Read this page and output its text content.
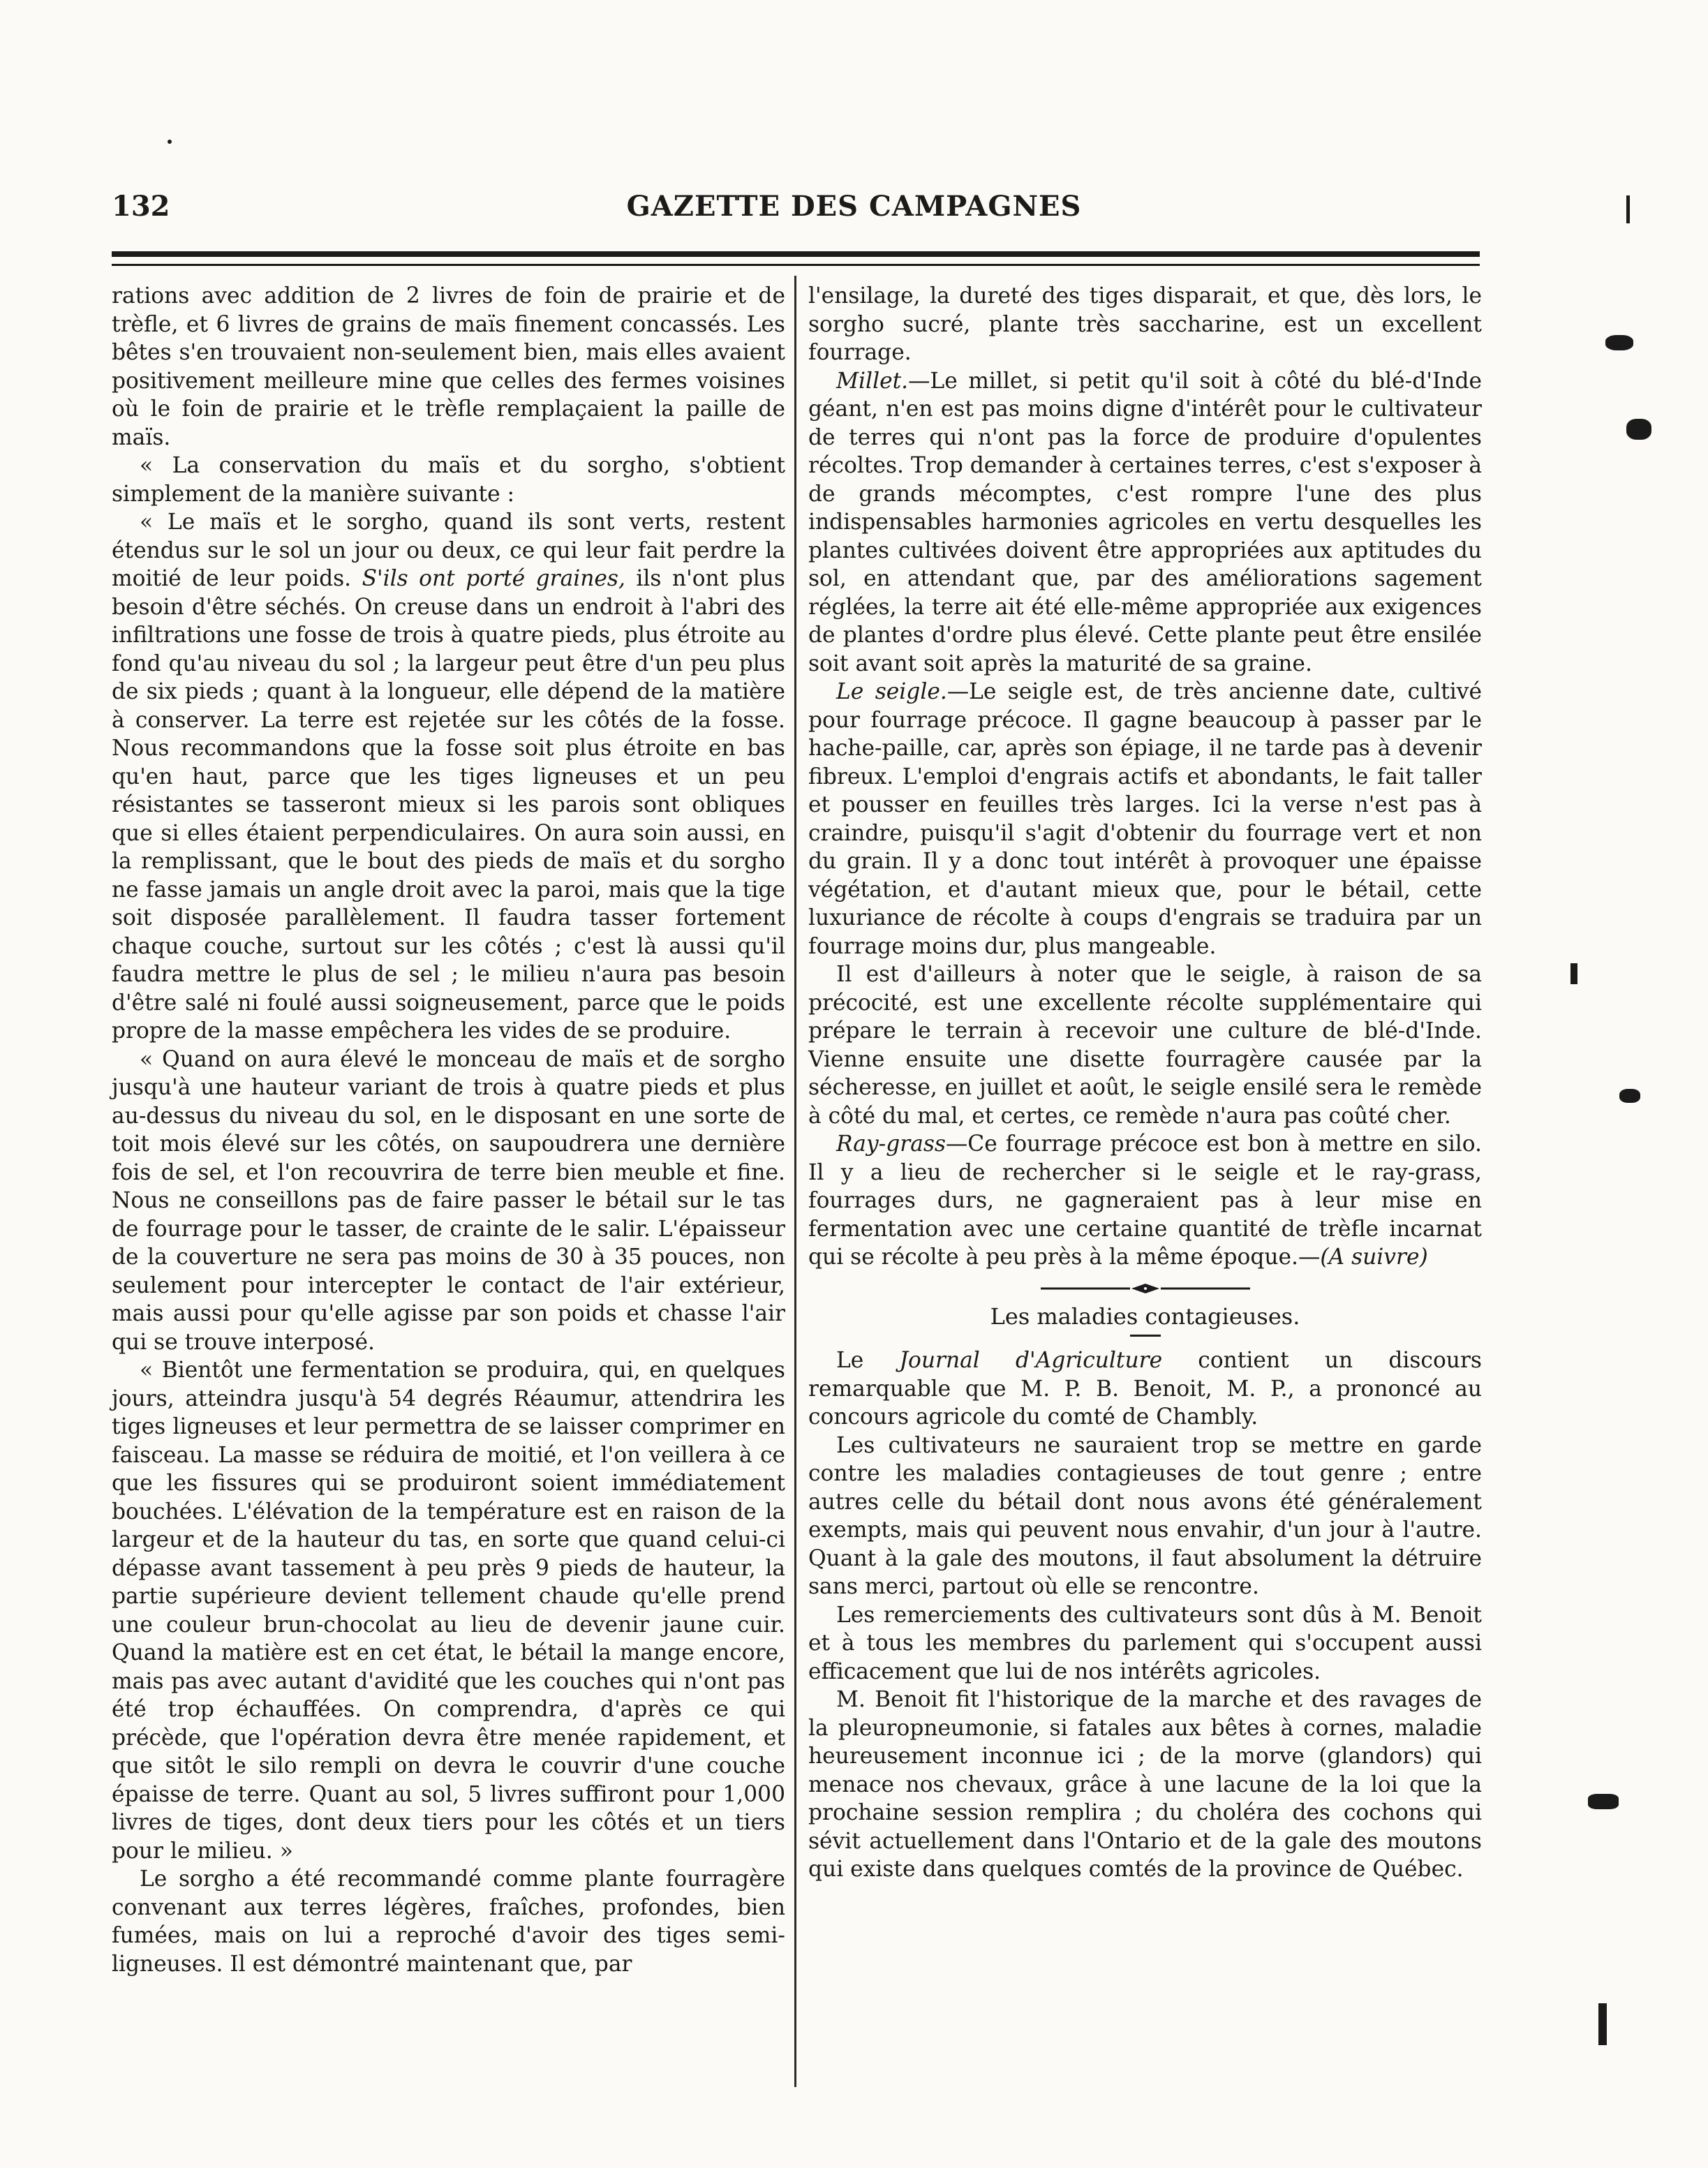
132	GAZETTE DES CAMPAGNES

rations avec addition de 2 livres de foin de prairie et de trèfle, et 6 livres de grains de maïs finement concassés. Les bêtes s'en trouvaient non-seulement bien, mais elles avaient positivement meilleure mine que celles des fermes voisines où le foin de prairie et le trèfle remplaçaient la paille de maïs.

« La conservation du maïs et du sorgho, s'obtient simplement de la manière suivante :

« Le maïs et le sorgho, quand ils sont verts, restent étendus sur le sol un jour ou deux, ce qui leur fait perdre la moitié de leur poids. S'ils ont porté graines, ils n'ont plus besoin d'être séchés. On creuse dans un endroit à l'abri des infiltrations une fosse de trois à quatre pieds, plus étroite au fond qu'au niveau du sol ; la largeur peut être d'un peu plus de six pieds ; quant à la longueur, elle dépend de la matière à conserver. La terre est rejetée sur les côtés de la fosse. Nous recommandons que la fosse soit plus étroite en bas qu'en haut, parce que les tiges ligneuses et un peu résistantes se tasseront mieux si les parois sont obliques que si elles étaient perpendiculaires. On aura soin aussi, en la remplissant, que le bout des pieds de maïs et du sorgho ne fasse jamais un angle droit avec la paroi, mais que la tige soit disposée parallèlement. Il faudra tasser fortement chaque couche, surtout sur les côtés ; c'est là aussi qu'il faudra mettre le plus de sel ; le milieu n'aura pas besoin d'être salé ni foulé aussi soigneusement, parce que le poids propre de la masse empêchera les vides de se produire.

« Quand on aura élevé le monceau de maïs et de sorgho jusqu'à une hauteur variant de trois à quatre pieds et plus au-dessus du niveau du sol, en le disposant en une sorte de toit mois élevé sur les côtés, on saupoudrera une dernière fois de sel, et l'on recouvrira de terre bien meuble et fine. Nous ne conseillons pas de faire passer le bétail sur le tas de fourrage pour le tasser, de crainte de le salir. L'épaisseur de la couverture ne sera pas moins de 30 à 35 pouces, non seulement pour intercepter le contact de l'air extérieur, mais aussi pour qu'elle agisse par son poids et chasse l'air qui se trouve interposé.

« Bientôt une fermentation se produira, qui, en quelques jours, atteindra jusqu'à 54 degrés Réaumur, attendrira les tiges ligneuses et leur permettra de se laisser comprimer en faisceau. La masse se réduira de moitié, et l'on veillera à ce que les fissures qui se produiront soient immédiatement bouchées. L'élévation de la température est en raison de la largeur et de la hauteur du tas, en sorte que quand celui-ci dépasse avant tassement à peu près 9 pieds de hauteur, la partie supérieure devient tellement chaude qu'elle prend une couleur brun-chocolat au lieu de devenir jaune cuir. Quand la matière est en cet état, le bétail la mange encore, mais pas avec autant d'avidité que les couches qui n'ont pas été trop échauffées. On comprendra, d'après ce qui précède, que l'opération devra être menée rapidement, et que sitôt le silo rempli on devra le couvrir d'une couche épaisse de terre. Quant au sol, 5 livres suffiront pour 1,000 livres de tiges, dont deux tiers pour les côtés et un tiers pour le milieu. »

Le sorgho a été recommandé comme plante fourragère convenant aux terres légères, fraîches, profondes, bien fumées, mais on lui a reproché d'avoir des tiges semi-ligneuses. Il est démontré maintenant que, par

l'ensilage, la dureté des tiges disparait, et que, dès lors, le sorgho sucré, plante très saccharine, est un excellent fourrage.

Millet.—Le millet, si petit qu'il soit à côté du blé-d'Inde géant, n'en est pas moins digne d'intérêt pour le cultivateur de terres qui n'ont pas la force de produire d'opulentes récoltes. Trop demander à certaines terres, c'est s'exposer à de grands mécomptes, c'est rompre l'une des plus indispensables harmonies agricoles en vertu desquelles les plantes cultivées doivent être appropriées aux aptitudes du sol, en attendant que, par des améliorations sagement réglées, la terre ait été elle-même appropriée aux exigences de plantes d'ordre plus élevé. Cette plante peut être ensilée soit avant soit après la maturité de sa graine.

Le seigle.—Le seigle est, de très ancienne date, cultivé pour fourrage précoce. Il gagne beaucoup à passer par le hache-paille, car, après son épiage, il ne tarde pas à devenir fibreux. L'emploi d'engrais actifs et abondants, le fait taller et pousser en feuilles très larges. Ici la verse n'est pas à craindre, puisqu'il s'agit d'obtenir du fourrage vert et non du grain. Il y a donc tout intérêt à provoquer une épaisse végétation, et d'autant mieux que, pour le bétail, cette luxuriance de récolte à coups d'engrais se traduira par un fourrage moins dur, plus mangeable.

Il est d'ailleurs à noter que le seigle, à raison de sa précocité, est une excellente récolte supplémentaire qui prépare le terrain à recevoir une culture de blé-d'Inde. Vienne ensuite une disette fourragère causée par la sécheresse, en juillet et août, le seigle ensilé sera le remède à côté du mal, et certes, ce remède n'aura pas coûté cher.

Ray-grass—Ce fourrage précoce est bon à mettre en silo. Il y a lieu de rechercher si le seigle et le ray-grass, fourrages durs, ne gagneraient pas à leur mise en fermentation avec une certaine quantité de trèfle incarnat qui se récolte à peu près à la même époque.—(A suivre)

Les maladies contagieuses.

Le Journal d'Agriculture contient un discours remarquable que M. P. B. Benoit, M. P., a prononcé au concours agricole du comté de Chambly.

Les cultivateurs ne sauraient trop se mettre en garde contre les maladies contagieuses de tout genre ; entre autres celle du bétail dont nous avons été généralement exempts, mais qui peuvent nous envahir, d'un jour à l'autre. Quant à la gale des moutons, il faut absolument la détruire sans merci, partout où elle se rencontre.

Les remerciements des cultivateurs sont dûs à M. Benoit et à tous les membres du parlement qui s'occupent aussi efficacement que lui de nos intérêts agricoles.

M. Benoit fit l'historique de la marche et des ravages de la pleuropneumonie, si fatales aux bêtes à cornes, maladie heureusement inconnue ici ; de la morve (glandors) qui menace nos chevaux, grâce à une lacune de la loi que la prochaine session remplira ; du choléra des cochons qui sévit actuellement dans l'Ontario et de la gale des moutons qui existe dans quelques comtés de la province de Québec.
